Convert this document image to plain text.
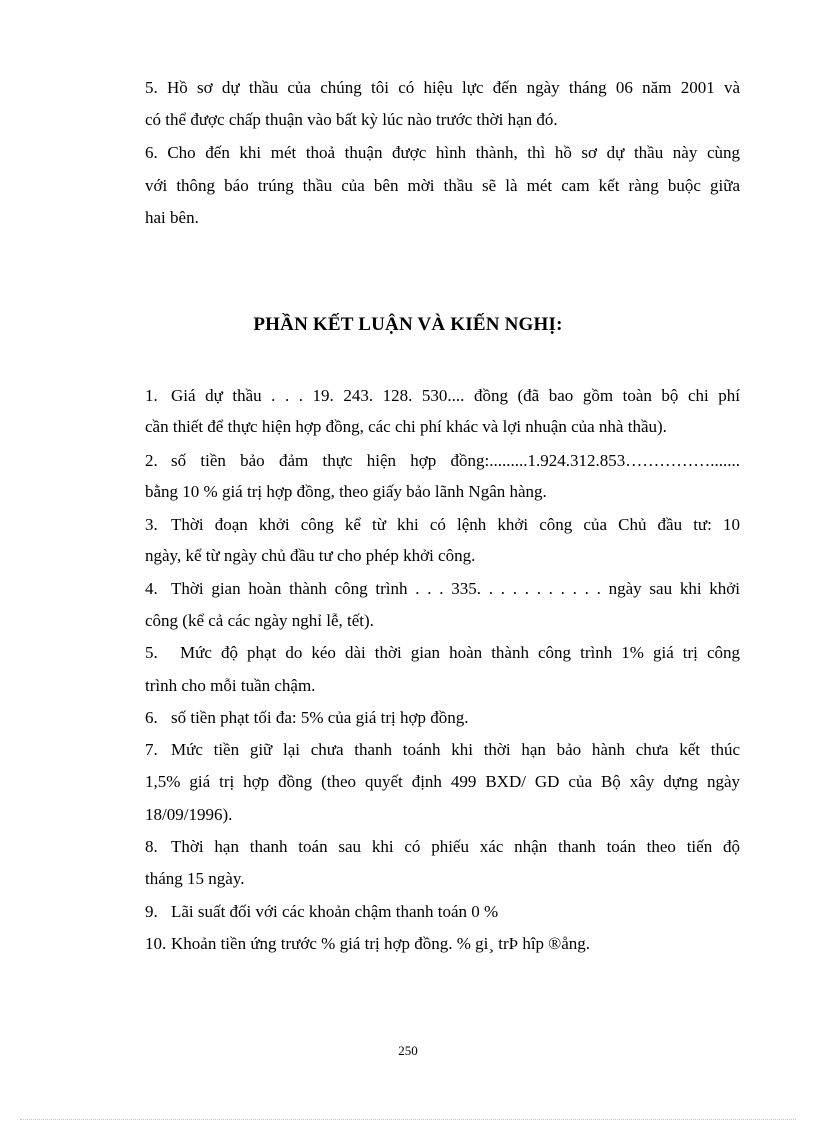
5. Hồ sơ dự thầu của chúng tôi có hiệu lực đến ngày tháng 06 năm 2001 và
có thể được chấp thuận vào bất kỳ lúc nào trước thời hạn đó.
6. Cho đến khi mét thoả thuận được hình thành, thì hồ sơ dự thầu này cùng
với thông báo trúng thầu của bên mời thầu sẽ là mét cam kết ràng buộc giữa
hai bên.
PHẦN KẾT LUẬN VÀ KIẾN NGHỊ:
1. Giá dự thầu . . . 19. 243. 128. 530.... đồng (đã bao gồm toàn bộ chi phí
cần thiết để thực hiện hợp đồng, các chi phí khác và lợi nhuận của nhà thầu).
2. số tiền bảo đảm thực hiện hợp đồng:.........1.924.312.853…………….......
bằng 10 % giá trị hợp đồng, theo giấy bảo lãnh Ngân hàng.
3. Thời đoạn khởi công kể từ khi có lệnh khởi công của Chủ đầu tư: 10
ngày, kể từ ngày chủ đầu tư cho phép khởi công.
4. Thời gian hoàn thành công trình . . . 335. . . . . . . . . . . ngày sau khi khởi
công (kể cả các ngày nghỉ lễ, tết).
5. Mức độ phạt do kéo dài thời gian hoàn thành công trình 1% giá trị công
trình cho mỗi tuần chậm.
6. số tiền phạt tối đa: 5% của giá trị hợp đồng.
7. Mức tiền giữ lại chưa thanh toánh khi thời hạn bảo hành chưa kết thúc
1,5% giá trị hợp đồng (theo quyết định 499 BXD/ GD của Bộ xây dựng ngày
18/09/1996).
8. Thời hạn thanh toán sau khi có phiếu xác nhận thanh toán theo tiến độ
tháng 15 ngày.
9. Lãi suất đối với các khoản chậm thanh toán 0 %
10. Khoản tiền ứng trước % giá trị hợp đồng. % gi¸ trÞ hîp ®ång.
250
